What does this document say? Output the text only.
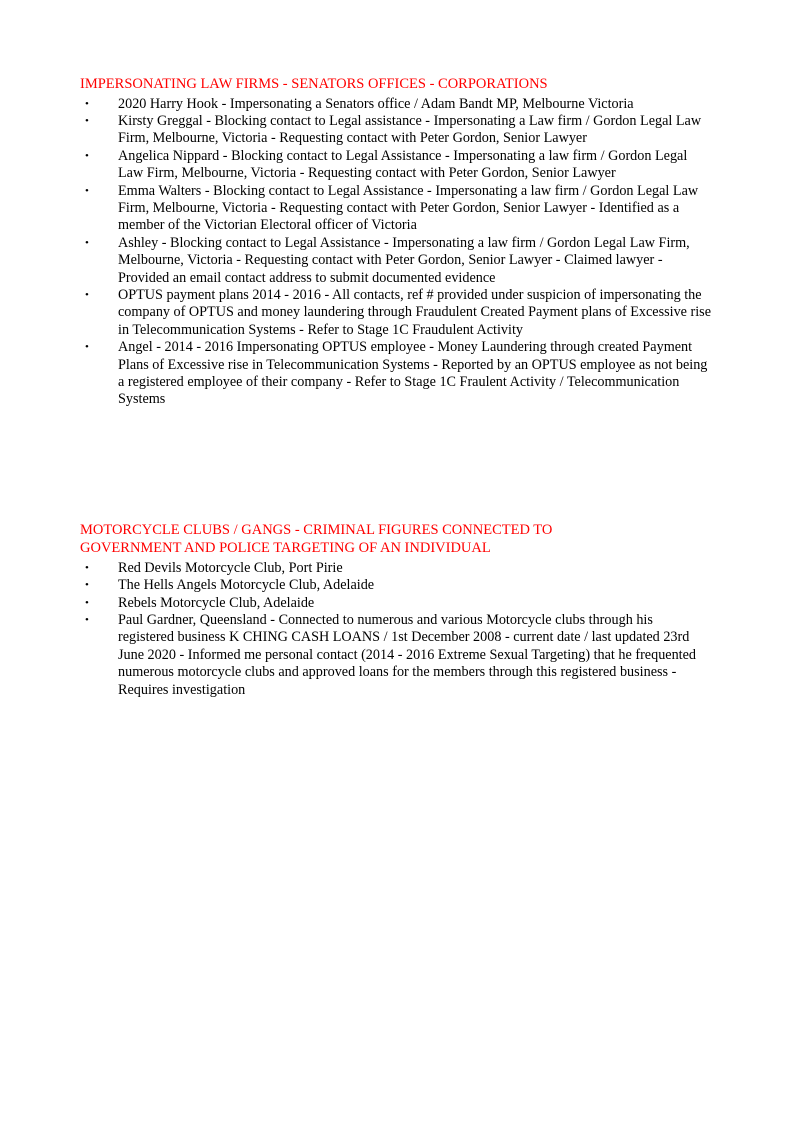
IMPERSONATING LAW FIRMS - SENATORS OFFICES - CORPORATIONS
•	2020 Harry Hook - Impersonating a Senators office / Adam Bandt MP, Melbourne Victoria
•	Kirsty Greggal - Blocking contact to Legal assistance - Impersonating a Law firm / Gordon Legal Law Firm, Melbourne, Victoria - Requesting contact with Peter Gordon, Senior Lawyer
•	Angelica Nippard - Blocking contact to Legal Assistance - Impersonating a law firm / Gordon Legal Law Firm, Melbourne, Victoria - Requesting contact with Peter Gordon, Senior Lawyer
•	Emma Walters - Blocking contact to Legal Assistance - Impersonating a law firm / Gordon Legal Law Firm, Melbourne, Victoria - Requesting contact with Peter Gordon, Senior Lawyer - Identified as a member of the Victorian Electoral officer of Victoria
•	Ashley - Blocking contact to Legal Assistance - Impersonating a law firm / Gordon Legal Law Firm, Melbourne, Victoria - Requesting contact with Peter Gordon, Senior Lawyer - Claimed lawyer - Provided an email contact address to submit documented evidence
•	OPTUS payment plans 2014 - 2016 - All contacts, ref # provided under suspicion of impersonating the company of OPTUS and money laundering through Fraudulent Created Payment plans of Excessive rise in Telecommunication Systems - Refer to Stage 1C Fraudulent Activity
•	Angel - 2014 - 2016 Impersonating OPTUS employee - Money Laundering through created Payment Plans of Excessive rise in Telecommunication Systems - Reported by an OPTUS employee as not being a registered employee of their company - Refer to Stage 1C Fraulent Activity / Telecommunication Systems
MOTORCYCLE CLUBS / GANGS - CRIMINAL FIGURES CONNECTED TO GOVERNMENT AND POLICE TARGETING OF AN INDIVIDUAL
•	Red Devils Motorcycle Club, Port Pirie
•	The Hells Angels Motorcycle Club, Adelaide
•	Rebels Motorcycle Club, Adelaide
•	Paul Gardner, Queensland - Connected to numerous and various Motorcycle clubs through his registered business K CHING CASH LOANS / 1st December 2008 - current date / last updated 23rd June 2020 - Informed me personal contact (2014 - 2016 Extreme Sexual Targeting) that he frequented numerous motorcycle clubs and approved loans for the members through this registered business - Requires investigation
